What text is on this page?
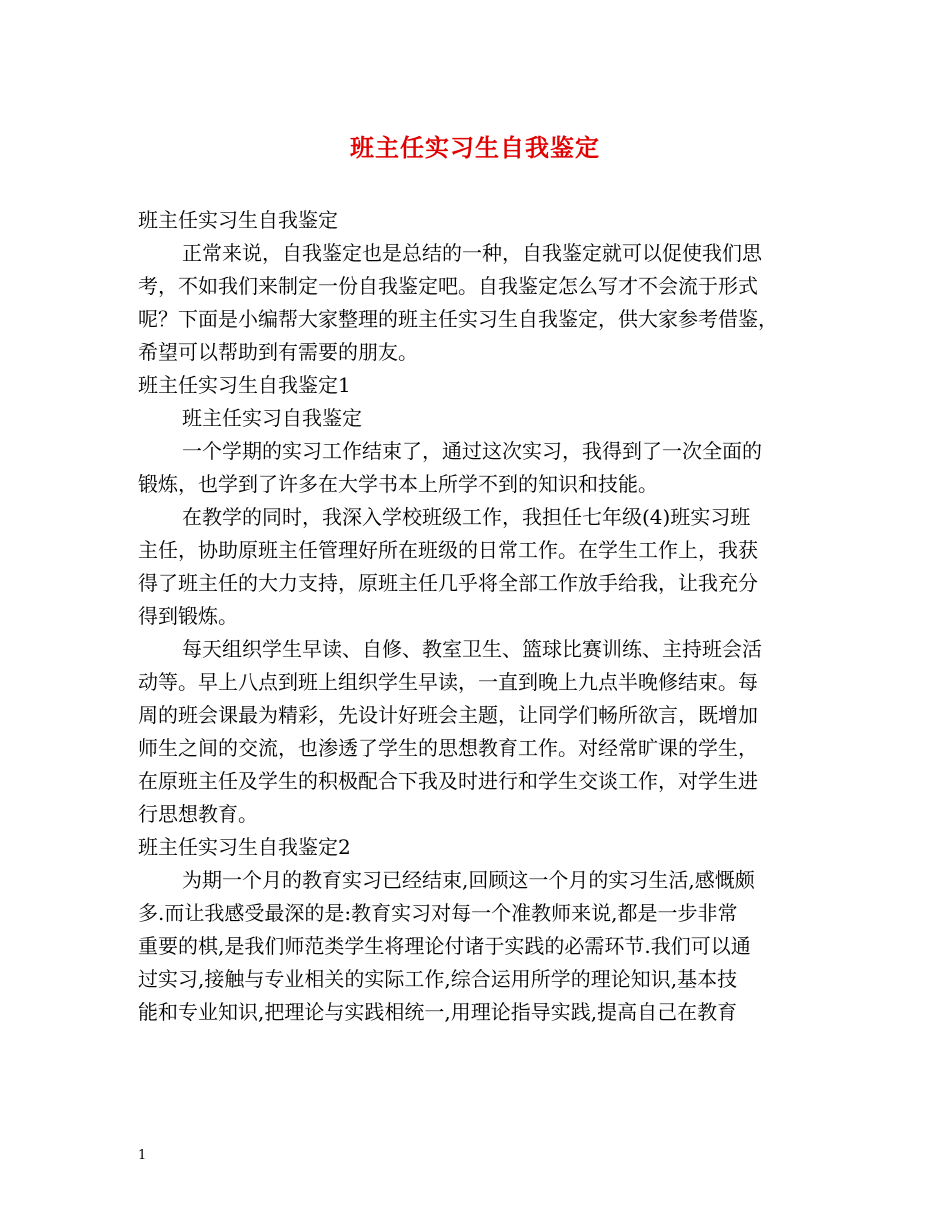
班主任实习生自我鉴定
班主任实习生自我鉴定
正常来说，自我鉴定也是总结的一种，自我鉴定就可以促使我们思
考，不如我们来制定一份自我鉴定吧。自我鉴定怎么写才不会流于形式
呢？下面是小编帮大家整理的班主任实习生自我鉴定，供大家参考借鉴，
希望可以帮助到有需要的朋友。
班主任实习生自我鉴定1
班主任实习自我鉴定
一个学期的实习工作结束了，通过这次实习，我得到了一次全面的
锻炼，也学到了许多在大学书本上所学不到的知识和技能。
在教学的同时，我深入学校班级工作，我担任七年级(4)班实习班
主任，协助原班主任管理好所在班级的日常工作。在学生工作上，我获
得了班主任的大力支持，原班主任几乎将全部工作放手给我，让我充分
得到锻炼。
每天组织学生早读、自修、教室卫生、篮球比赛训练、主持班会活
动等。早上八点到班上组织学生早读，一直到晚上九点半晚修结束。每
周的班会课最为精彩，先设计好班会主题，让同学们畅所欲言，既增加
师生之间的交流，也渗透了学生的思想教育工作。对经常旷课的学生，
在原班主任及学生的积极配合下我及时进行和学生交谈工作，对学生进
行思想教育。
班主任实习生自我鉴定2
为期一个月的教育实习已经结束,回顾这一个月的实习生活,感慨颇
多.而让我感受最深的是:教育实习对每一个准教师来说,都是一步非常
重要的棋,是我们师范类学生将理论付诸于实践的必需环节.我们可以通
过实习,接触与专业相关的实际工作,综合运用所学的理论知识,基本技
能和专业知识,把理论与实践相统一,用理论指导实践,提高自己在教育
1
